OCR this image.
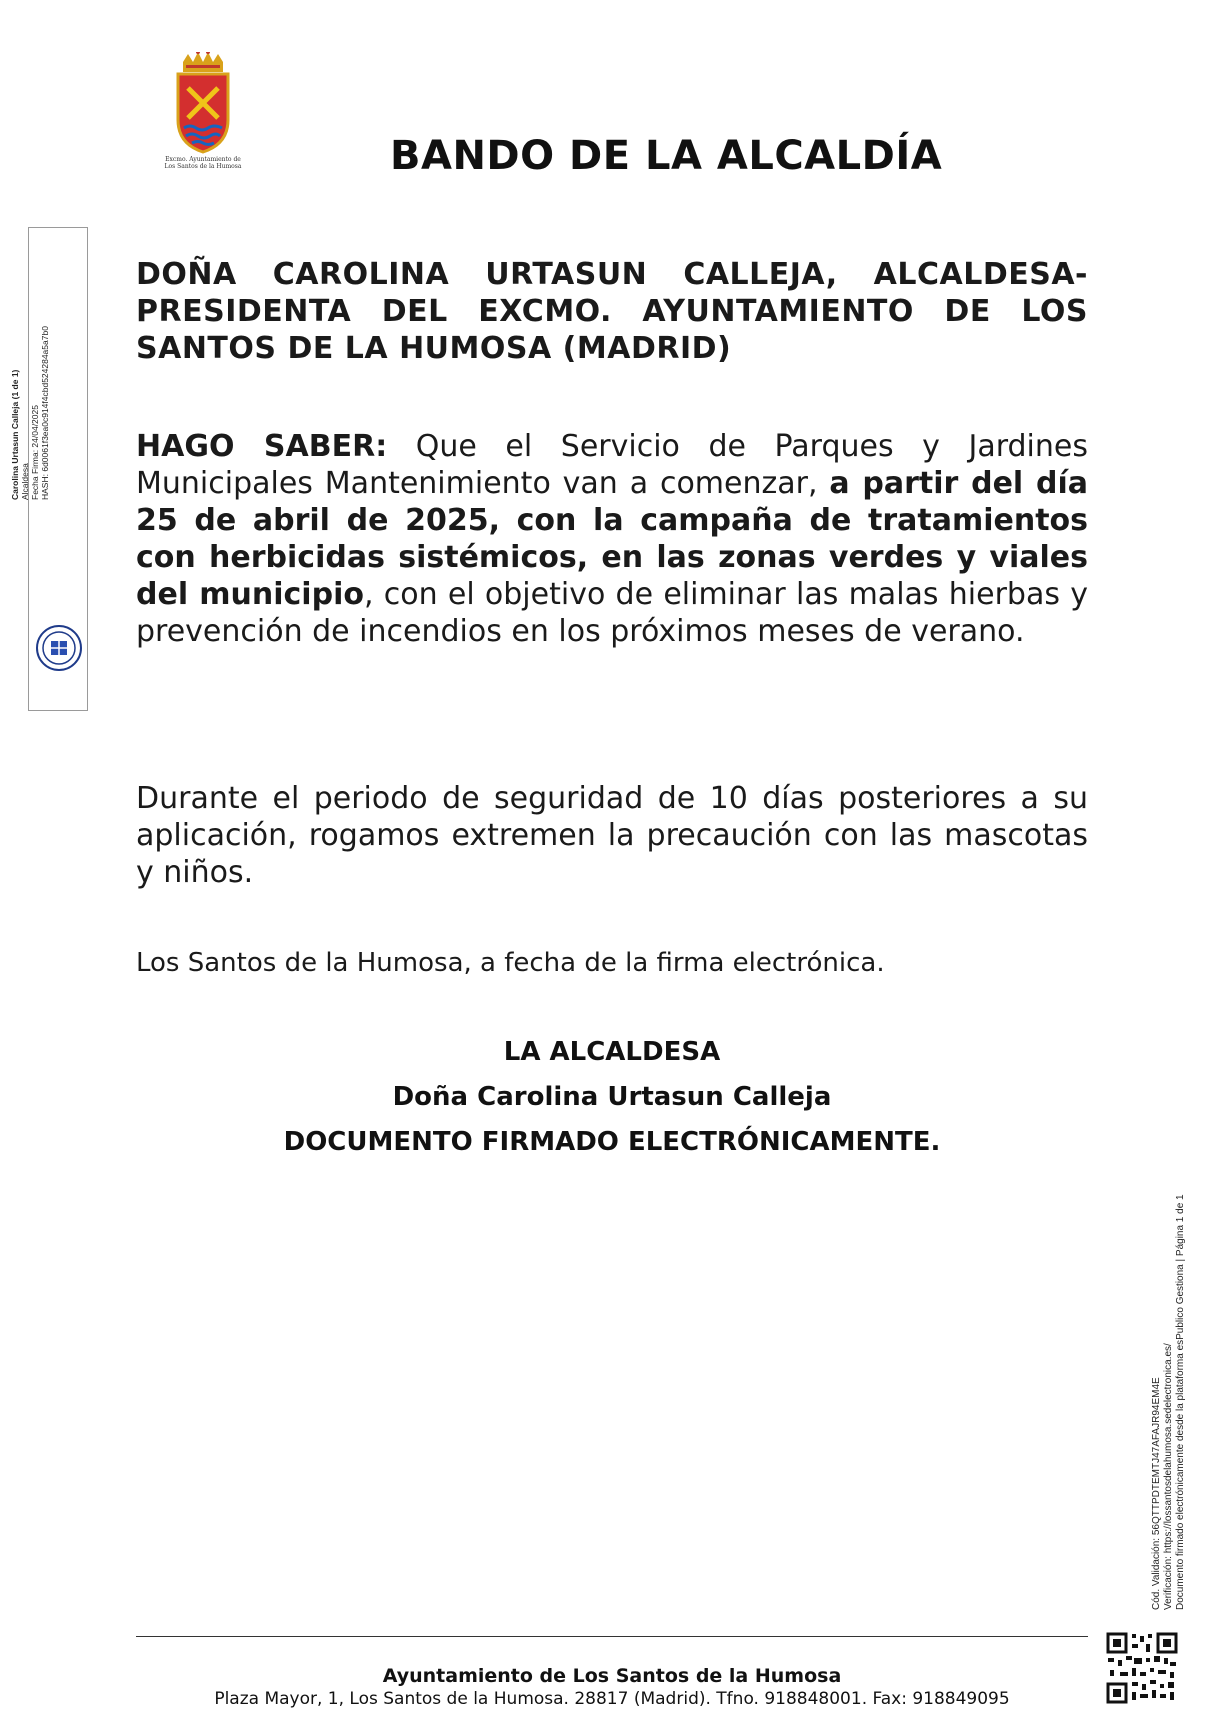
Excmo. Ayuntamiento de
Los Santos de la Humosa	BANDO DE LA ALCALDÍA
Carolina Urtasun Calleja (1 de 1) Alcaldesa Fecha Firma: 24/04/2025 HASH: 6d0061f3ea0c914f4cbd524284a5a7b0
DOÑA CAROLINA URTASUN CALLEJA, ALCALDESA-PRESIDENTA DEL EXCMO. AYUNTAMIENTO DE LOS SANTOS DE LA HUMOSA (MADRID)
HAGO SABER: Que el Servicio de Parques y Jardines Municipales Mantenimiento van a comenzar, a partir del día 25 de abril de 2025, con la campaña de tratamientos con herbicidas sistémicos, en las zonas verdes y viales del municipio, con el objetivo de eliminar las malas hierbas y prevención de incendios en los próximos meses de verano.
Durante el periodo de seguridad de 10 días posteriores a su aplicación, rogamos extremen la precaución con las mascotas y niños.
Los Santos de la Humosa, a fecha de la firma electrónica.
LA ALCALDESA
Doña Carolina Urtasun Calleja
DOCUMENTO FIRMADO ELECTRÓNICAMENTE.
Cód. Validación: 56QTTPDTEMTJ47AFAJR94EM4E Verificación: https://lossantosdelahumosa.sedelectronica.es/ Documento firmado electrónicamente desde la plataforma esPublico Gestiona | Página 1 de 1
Ayuntamiento de Los Santos de la Humosa
Plaza Mayor, 1, Los Santos de la Humosa. 28817 (Madrid). Tfno. 918848001. Fax: 918849095
